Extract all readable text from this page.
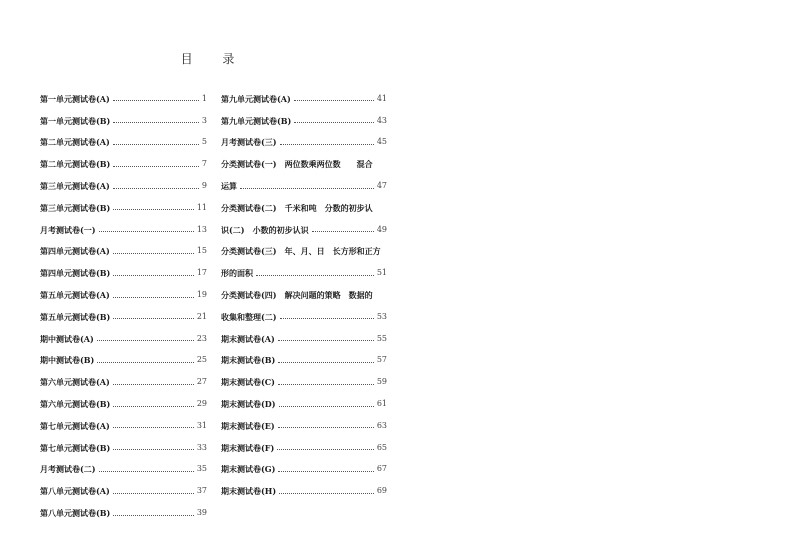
目 录
第一单元测试卷(A)	1
第一单元测试卷(B)	3
第二单元测试卷(A)	5
第二单元测试卷(B)	7
第三单元测试卷(A)	9
第三单元测试卷(B)	11
月考测试卷(一)	13
第四单元测试卷(A)	15
第四单元测试卷(B)	17
第五单元测试卷(A)	19
第五单元测试卷(B)	21
期中测试卷(A)	23
期中测试卷(B)	25
第六单元测试卷(A)	27
第六单元测试卷(B)	29
第七单元测试卷(A)	31
第七单元测试卷(B)	33
月考测试卷(二)	35
第八单元测试卷(A)	37
第八单元测试卷(B)	39
第九单元测试卷(A)	41
第九单元测试卷(B)	43
月考测试卷(三)	45
分类测试卷(一)　两位数乘两位数　　混合
运算	47
分类测试卷(二)　千米和吨　分数的初步认
识(二)　小数的初步认识	49
分类测试卷(三)　年、月、日　长方形和正方
形的面积	51
分类测试卷(四)　解决问题的策略　数据的
收集和整理(二)	53
期末测试卷(A)	55
期末测试卷(B)	57
期末测试卷(C)	59
期末测试卷(D)	61
期末测试卷(E)	63
期末测试卷(F)	65
期末测试卷(G)	67
期末测试卷(H)	69
